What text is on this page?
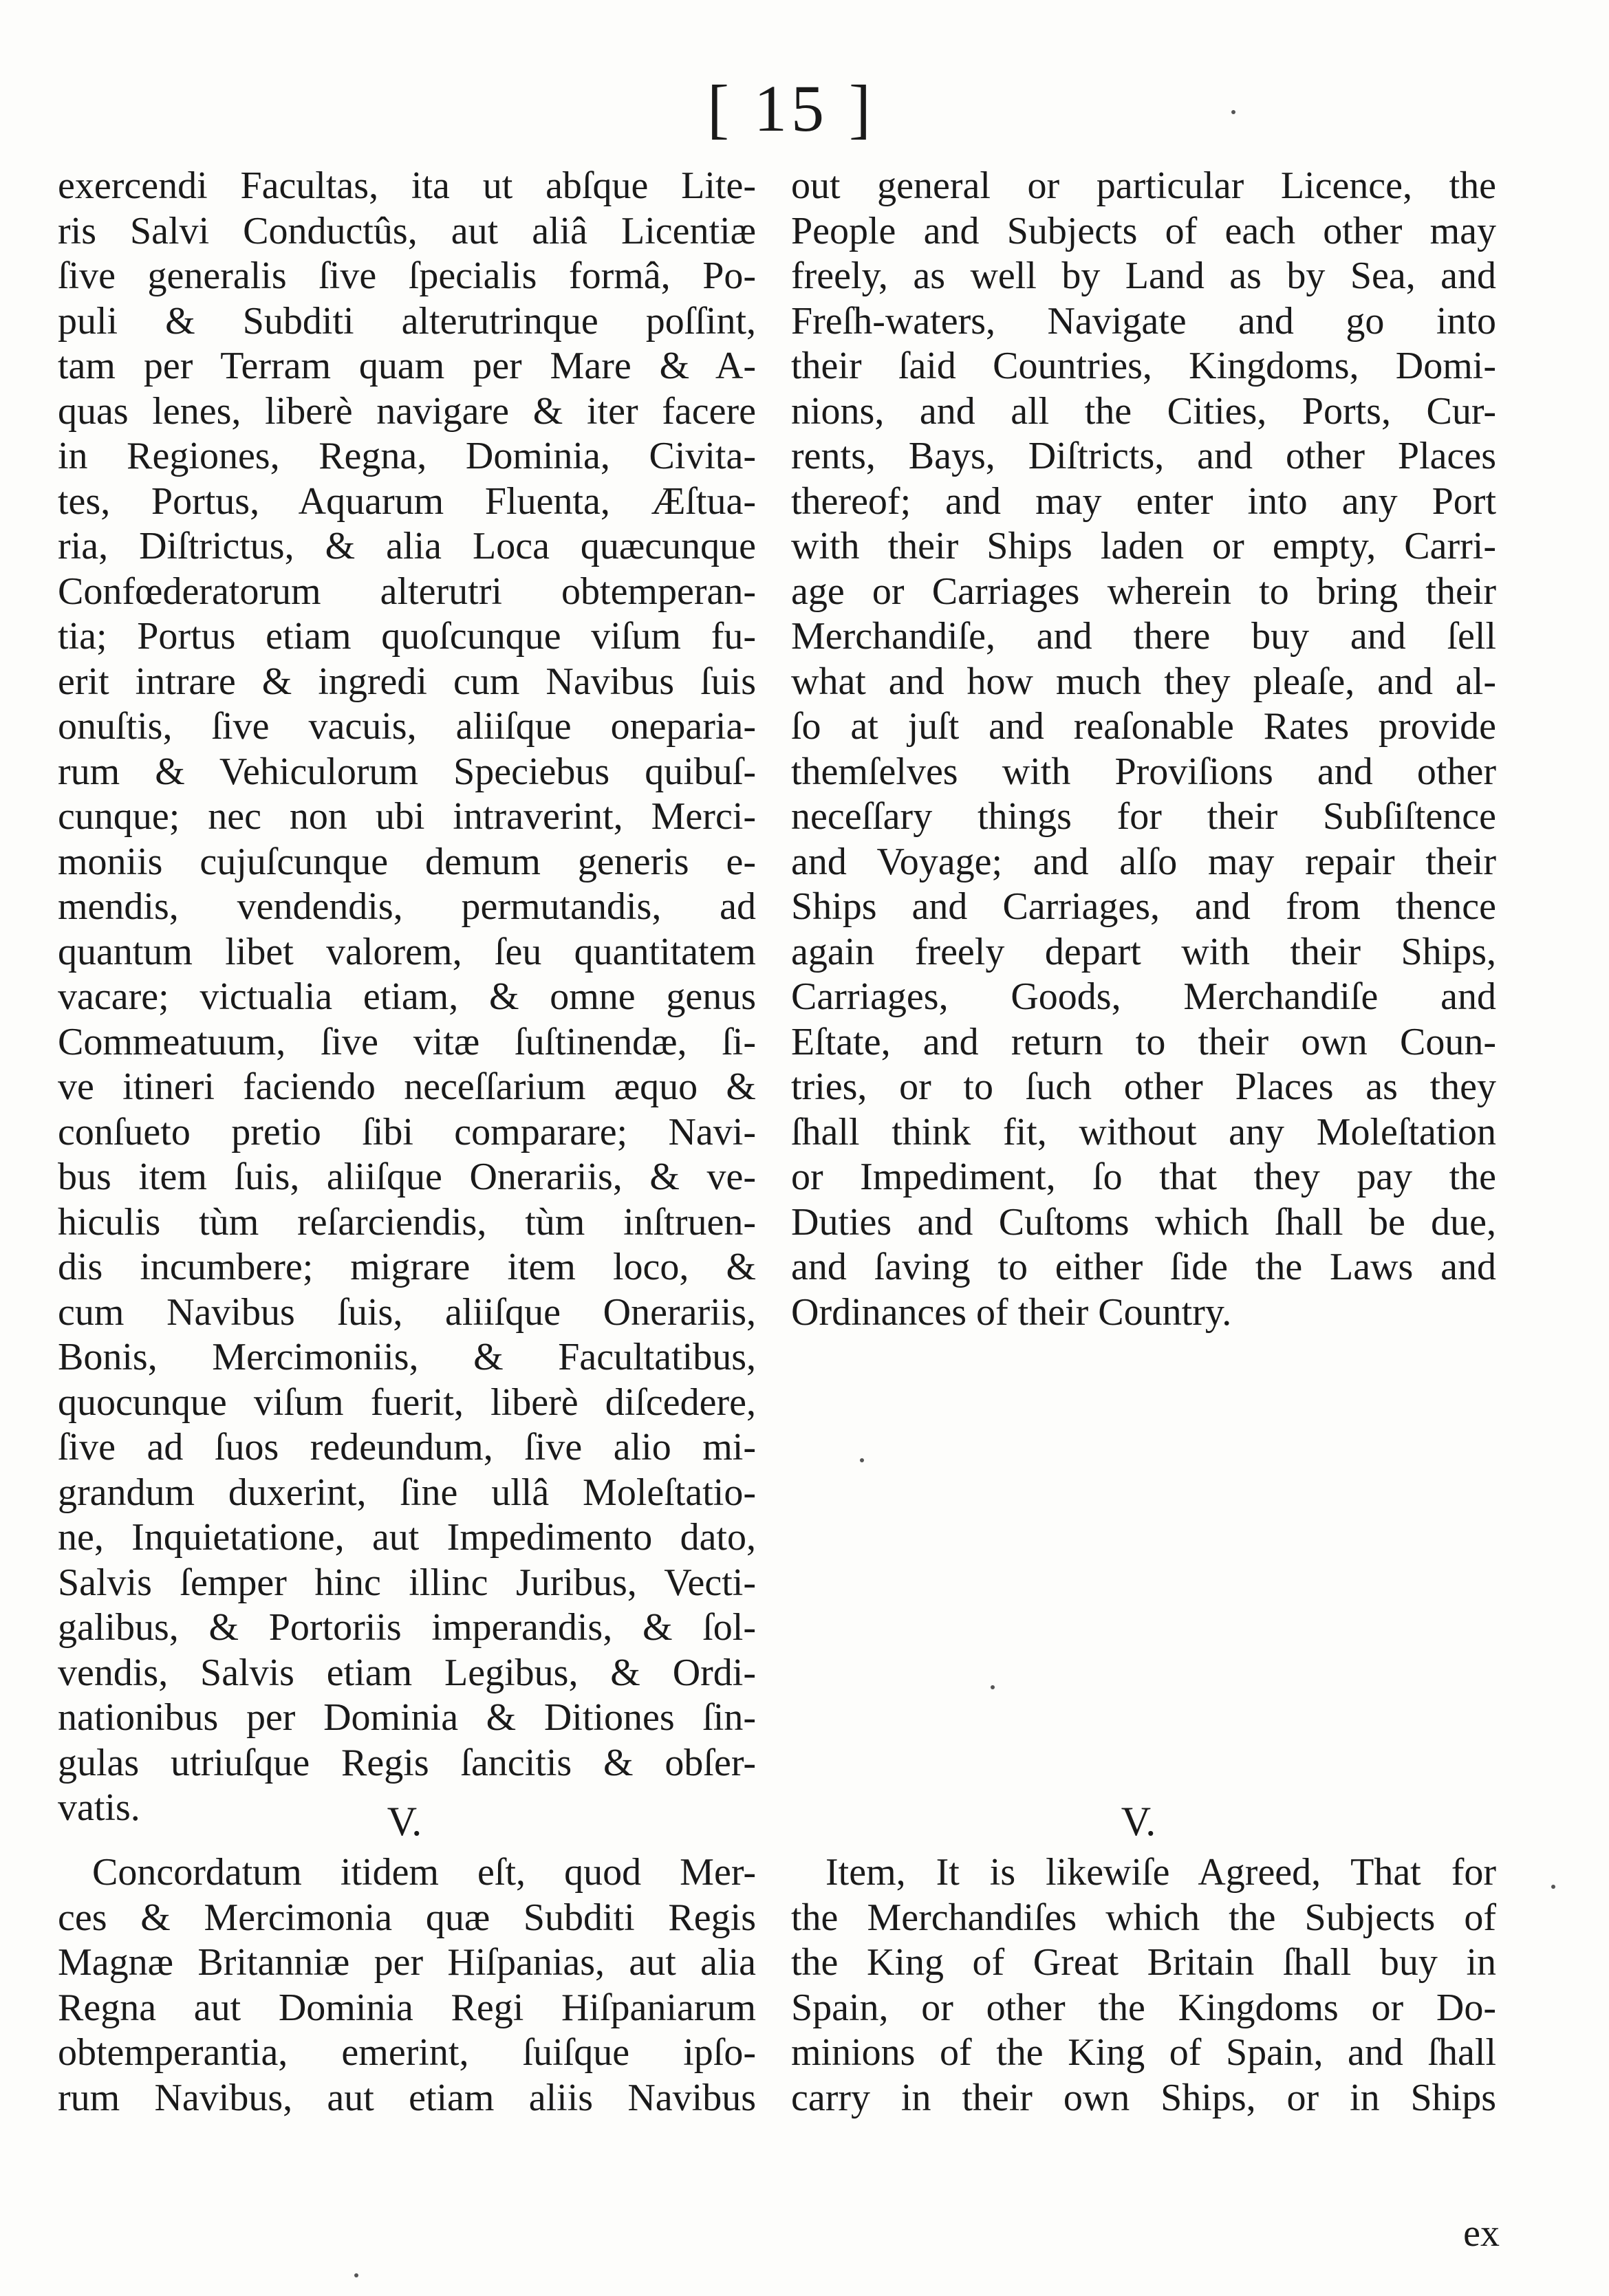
[ 15 ]
exercendi Facultas, ita ut abſque Lite-
ris Salvi Conductûs, aut aliâ Licentiæ
ſive generalis ſive ſpecialis formâ, Po-
puli & Subditi alterutrinque poſſint,
tam per Terram quam per Mare & A-
quas lenes, liberè navigare & iter facere
in Regiones, Regna, Dominia, Civita-
tes, Portus, Aquarum Fluenta, Æſtua-
ria, Diſtrictus, & alia Loca quæcunque
Confœderatorum alterutri obtemperan-
tia; Portus etiam quoſcunque viſum fu-
erit intrare & ingredi cum Navibus ſuis
onuſtis, ſive vacuis, aliiſque onераria-
rum & Vehiculorum Speciebus quibuſ-
cunque; nec non ubi intraverint, Merci-
moniis cujuſcunque demum generis e-
mendis, vendendis, permutandis, ad
quantum libet valorem, ſeu quantitatem
vacare; victualia etiam, & omne genus
Commeatuum, ſive vitæ ſuſtinendæ, ſi-
ve itineri faciendo neceſſarium æquo &
conſueto pretio ſibi comparare; Navi-
bus item ſuis, aliiſque Onerariis, & ve-
hiculis tùm reſarciendis, tùm inſtruen-
dis incumbere; migrare item loco, &
cum Navibus ſuis, aliiſque Onerariis,
Bonis, Mercimoniis, & Facultatibus,
quocunque viſum fuerit, liberè diſcedere,
ſive ad ſuos redeundum, ſive alio mi-
grandum duxerint, ſine ullâ Moleſtatio-
ne, Inquietatione, aut Impedimento dato,
Salvis ſemper hinc illinc Juribus, Vecti-
galibus, & Portoriis imperandis, & ſol-
vendis, Salvis etiam Legibus, & Ordi-
nationibus per Dominia & Ditiones ſin-
gulas utriuſque Regis ſancitis & obſer-
vatis.
out general or particular Licence, the
People and Subjects of each other may
freely, as well by Land as by Sea, and
Freſh-waters, Navigate and go into
their ſaid Countries, Kingdoms, Domi-
nions, and all the Cities, Ports, Cur-
rents, Bays, Diſtricts, and other Places
thereof; and may enter into any Port
with their Ships laden or empty, Carri-
age or Carriages wherein to bring their
Merchandiſe, and there buy and ſell
what and how much they pleaſe, and al-
ſo at juſt and reaſonable Rates provide
themſelves with Proviſions and other
neceſſary things for their Subſiſtence
and Voyage; and alſo may repair their
Ships and Carriages, and from thence
again freely depart with their Ships,
Carriages, Goods, Merchandiſe and
Eſtate, and return to their own Coun-
tries, or to ſuch other Places as they
ſhall think fit, without any Moleſtation
or Impediment, ſo that they pay the
Duties and Cuſtoms which ſhall be due,
and ſaving to either ſide the Laws and
Ordinances of their Country.
V.	V.
Concordatum itidem eſt, quod Mer-
ces & Mercimonia quæ Subditi Regis
Magnæ Britanniæ per Hiſpanias, aut alia
Regna aut Dominia Regi Hiſpaniarum
obtemperantia, emerint, ſuiſque ipſo-
rum Navibus, aut etiam aliis Navibus
Item, It is likewiſe Agreed, That for
the Merchandiſes which the Subjects of
the King of Great Britain ſhall buy in
Spain, or other the Kingdoms or Do-
minions of the King of Spain, and ſhall
carry in their own Ships, or in Ships
ex
